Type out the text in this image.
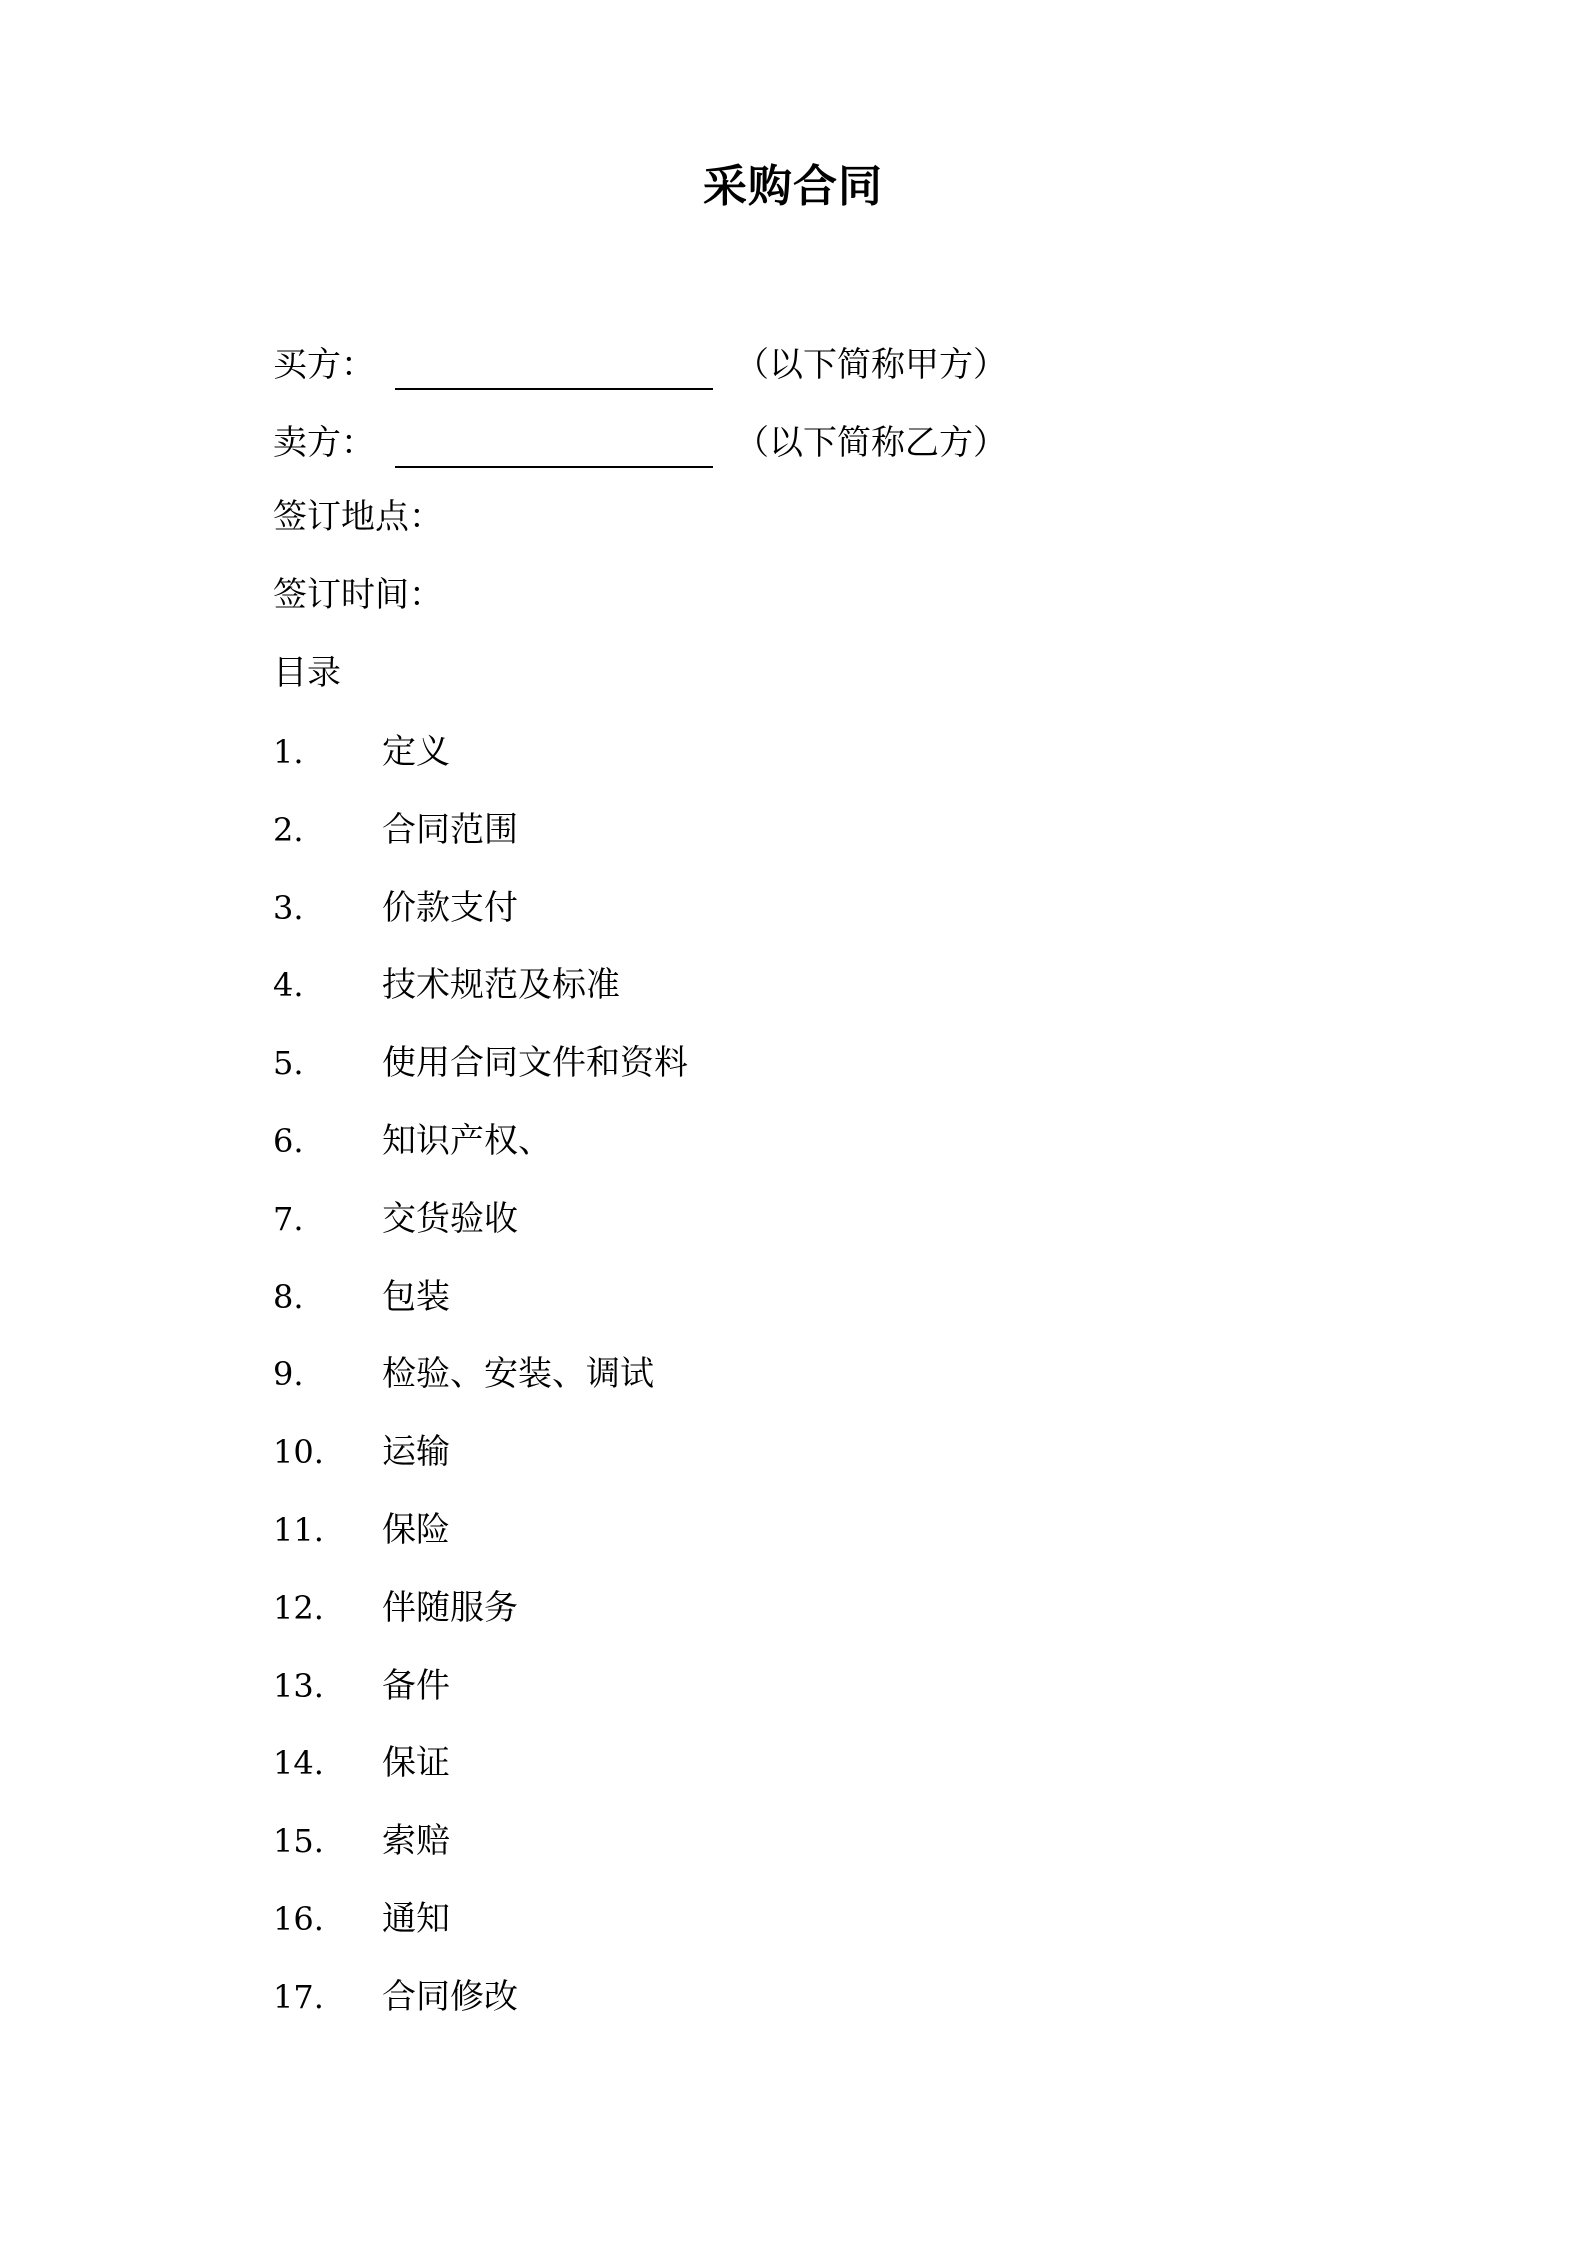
采购合同
买方：	（以下简称甲方）
卖方：	（以下简称乙方）
签订地点：
签订时间：
目录
1.	定义
2.	合同范围
3.	价款支付
4.	技术规范及标准
5.	使用合同文件和资料
6.	知识产权、
7.	交货验收
8.	包装
9.	检验、安装、调试
10.	运输
11.	保险
12.	伴随服务
13.	备件
14.	保证
15.	索赔
16.	通知
17.	合同修改
